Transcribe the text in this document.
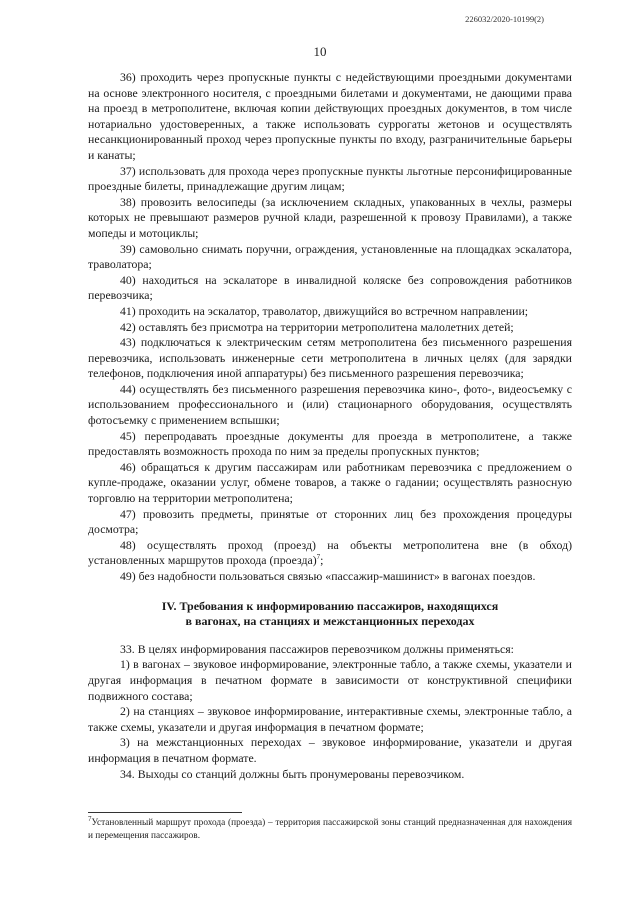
226032/2020-10199(2)
10

36) проходить через пропускные пункты с недействующими проездными документами на основе электронного носителя, с проездными билетами и документами, не дающими права на проезд в метрополитене, включая копии действующих проездных документов, в том числе нотариально удостоверенных, а также использовать суррогаты жетонов и осуществлять несанкционированный проход через пропускные пункты по входу, разграничительные барьеры и канаты;

37) использовать для прохода через пропускные пункты льготные персонифицированные проездные билеты, принадлежащие другим лицам;

38) провозить велосипеды (за исключением складных, упакованных в чехлы, размеры которых не превышают размеров ручной клади, разрешенной к провозу Правилами), а также мопеды и мотоциклы;

39) самовольно снимать поручни, ограждения, установленные на площадках эскалатора, траволатора;

40) находиться на эскалаторе в инвалидной коляске без сопровождения работников перевозчика;

41) проходить на эскалатор, траволатор, движущийся во встречном направлении;

42) оставлять без присмотра на территории метрополитена малолетних детей;

43) подключаться к электрическим сетям метрополитена без письменного разрешения перевозчика, использовать инженерные сети метрополитена в личных целях (для зарядки телефонов, подключения иной аппаратуры) без письменного разрешения перевозчика;

44) осуществлять без письменного разрешения перевозчика кино-, фото-, видеосъемку с использованием профессионального и (или) стационарного оборудования, осуществлять фотосъемку с применением вспышки;

45) перепродавать проездные документы для проезда в метрополитене, а также предоставлять возможность прохода по ним за пределы пропускных пунктов;

46) обращаться к другим пассажирам или работникам перевозчика с предложением о купле-продаже, оказании услуг, обмене товаров, а также о гадании; осуществлять разносную торговлю на территории метрополитена;

47) провозить предметы, принятые от сторонних лиц без прохождения процедуры досмотра;

48) осуществлять проход (проезд) на объекты метрополитена вне (в обход) установленных маршрутов прохода (проезда)$^7$;

49) без надобности пользоваться связью «пассажир-машинист» в вагонах поездов.

IV. Требования к информированию пассажиров, находящихся
в вагонах, на станциях и межстанционных переходах

33. В целях информирования пассажиров перевозчиком должны применяться:

1) в вагонах – звуковое информирование, электронные табло, а также схемы, указатели и другая информация в печатном формате в зависимости от конструктивной специфики подвижного состава;

2) на станциях – звуковое информирование, интерактивные схемы, электронные табло, а также схемы, указатели и другая информация в печатном формате;

3) на межстанционных переходах – звуковое информирование, указатели и другая информация в печатном формате.

34. Выходы со станций должны быть пронумерованы перевозчиком.

$^7$Установленный маршрут прохода (проезда) – территория пассажирской зоны станций предназначенная для нахождения и перемещения пассажиров.
